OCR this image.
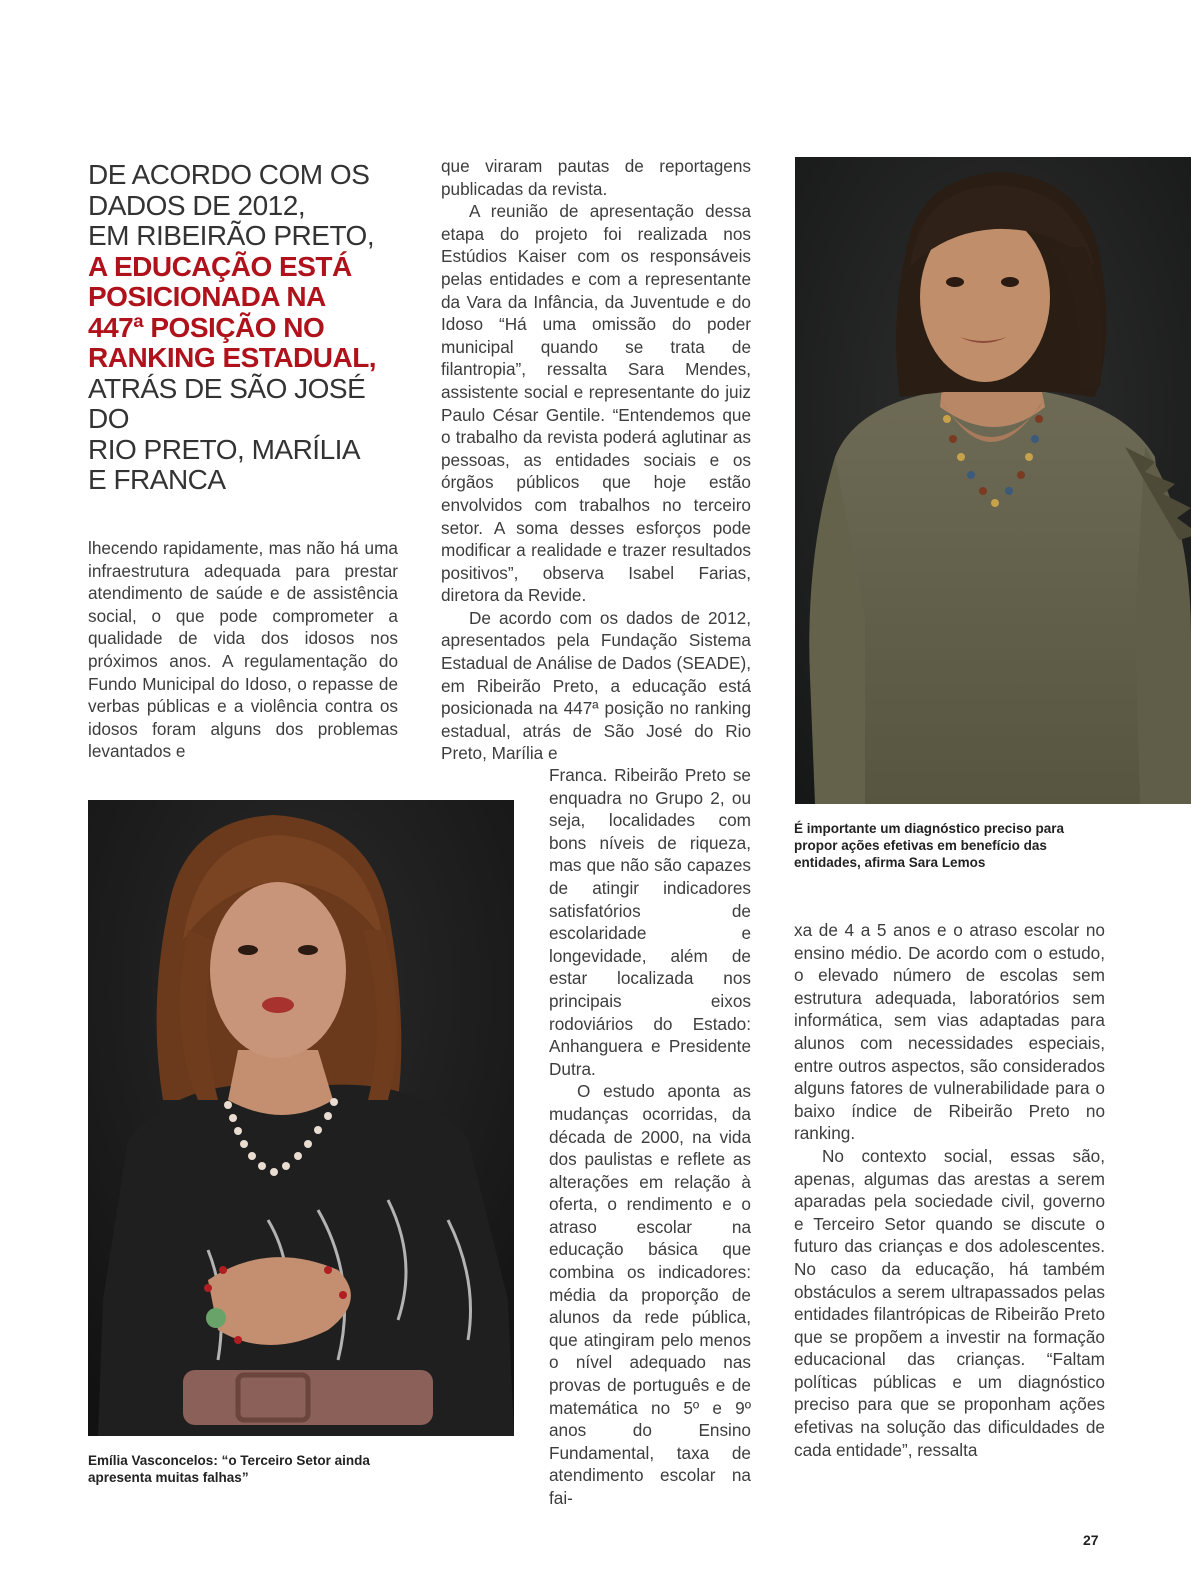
DE ACORDO COM OS
DADOS DE 2012,
EM RIBEIRÃO PRETO,
A EDUCAÇÃO ESTÁ
POSICIONADA NA
447ª POSIÇÃO NO
RANKING ESTADUAL,
ATRÁS DE SÃO JOSÉ DO
RIO PRETO, MARÍLIA
E FRANCA

lhecendo rapidamente, mas não há uma infraestrutura adequada para prestar atendimento de saúde e de assistência social, o que pode comprometer a qualidade de vida dos idosos nos próximos anos. A regulamentação do Fundo Municipal do Idoso, o repasse de verbas públicas e a violência contra os idosos foram alguns dos problemas levantados e

que viraram pautas de reportagens publicadas da revista.

A reunião de apresentação dessa etapa do projeto foi realizada nos Estúdios Kaiser com os responsáveis pelas entidades e com a representante da Vara da Infância, da Juventude e do Idoso “Há uma omissão do poder municipal quando se trata de filantropia”, ressalta Sara Mendes, assistente social e representante do juiz Paulo César Gentile. “Entendemos que o trabalho da revista poderá aglutinar as pessoas, as entidades sociais e os órgãos públicos que hoje estão envolvidos com trabalhos no terceiro setor. A soma desses esforços pode modificar a realidade e trazer resultados positivos”, observa Isabel Farias, diretora da Revide.

De acordo com os dados de 2012, apresentados pela Fundação Sistema Estadual de Análise de Dados (SEADE), em Ribeirão Preto, a educação está posicionada na 447ª posição no ranking estadual, atrás de São José do Rio Preto, Marília e

Franca. Ribeirão Preto se enquadra no Grupo 2, ou seja, localidades com bons níveis de riqueza, mas que não são capazes de atingir indicadores satisfatórios de escolaridade e longevidade, além de estar localizada nos principais eixos rodoviários do Estado: Anhanguera e Presidente Dutra.

O estudo aponta as mudanças ocorridas, da década de 2000, na vida dos paulistas e reflete as alterações em relação à oferta, o rendimento e o atraso escolar na educação básica que combina os indicadores: média da proporção de alunos da rede pública, que atingiram pelo menos o nível adequado nas provas de português e de matemática no 5º e 9º anos do Ensino Fundamental, taxa de atendimento escolar na fai-

xa de 4 a 5 anos e o atraso escolar no ensino médio. De acordo com o estudo, o elevado número de escolas sem estrutura adequada, laboratórios sem informática, sem vias adaptadas para alunos com necessidades especiais, entre outros aspectos, são considerados alguns fatores de vulnerabilidade para o baixo índice de Ribeirão Preto no ranking.

No contexto social, essas são, apenas, algumas das arestas a serem aparadas pela sociedade civil, governo e Terceiro Setor quando se discute o futuro das crianças e dos adolescentes. No caso da educação, há também obstáculos a serem ultrapassados pelas entidades filantrópicas de Ribeirão Preto que se propõem a investir na formação educacional das crianças. “Faltam políticas públicas e um diagnóstico preciso para que se proponham ações efetivas na solução das dificuldades de cada entidade”, ressalta

É importante um diagnóstico preciso para propor ações efetivas em benefício das entidades, afirma Sara Lemos

Emília Vasconcelos: “o Terceiro Setor ainda apresenta muitas falhas”

27
